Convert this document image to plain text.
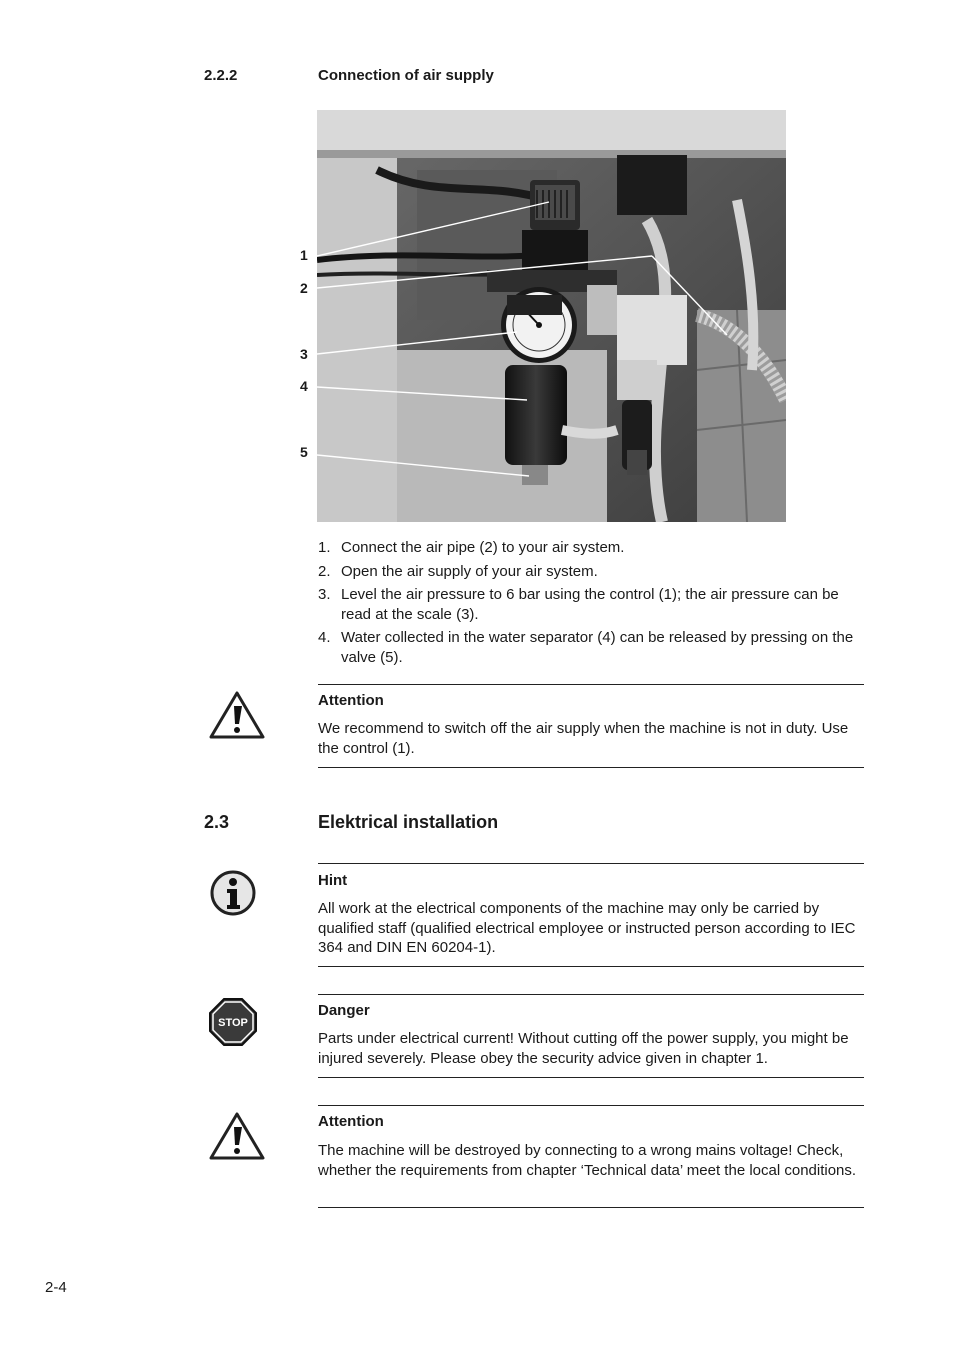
2.2.2	Connection of air supply
1
2
3
4
5
1. Connect the air pipe (2) to your air system.
2. Open the air supply of your air system.
3. Level the air pressure to 6 bar using the control (1); the air pressure can be read at the scale (3).
4. Water collected in the water separator (4) can be released by pressing on the valve (5).
Attention
We recommend to switch off the air supply when the machine is not in duty. Use the control (1).
2.3	Elektrical installation
Hint
All work at the electrical components of the machine may only be carried by qualified staff (qualified electrical employee or instructed person according to IEC 364 and DIN EN 60204-1).
STOP
Danger
Parts under electrical current! Without cutting off the power supply, you might be injured severely. Please obey the security advice given in chapter 1.
Attention
The machine will be destroyed by connecting to a wrong mains voltage! Check, whether the requirements from chapter ‘Technical data’ meet the local conditions.
2-4
